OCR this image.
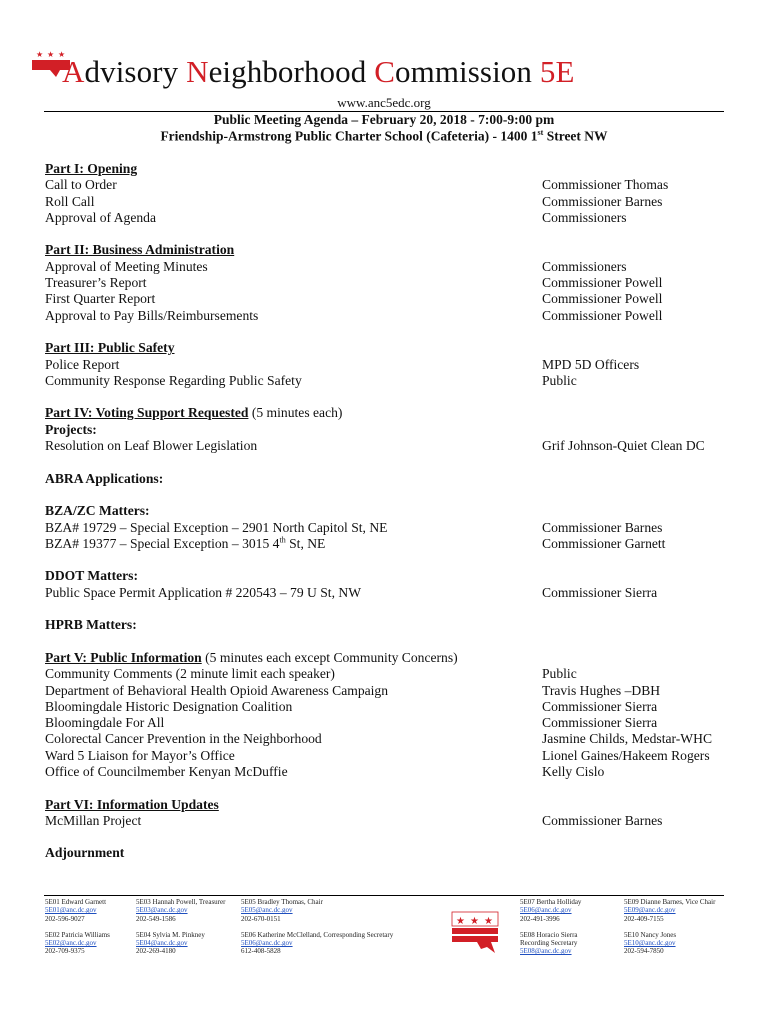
★ ★ ★
Advisory Neighborhood Commission 5E
www.anc5edc.org
Public Meeting Agenda – February 20, 2018 - 7:00-9:00 pm
Friendship-Armstrong Public Charter School (Cafeteria) - 1400 1st Street NW
Part I: Opening
Call to Order	Commissioner Thomas
Roll Call	Commissioner Barnes
Approval of Agenda	Commissioners
Part II: Business Administration
Approval of Meeting Minutes	Commissioners
Treasurer’s Report	Commissioner Powell
First Quarter Report	Commissioner Powell
Approval to Pay Bills/Reimbursements	Commissioner Powell
Part III: Public Safety
Police Report	MPD 5D Officers
Community Response Regarding Public Safety	Public
Part IV: Voting Support Requested (5 minutes each)
Projects:
Resolution on Leaf Blower Legislation	Grif Johnson-Quiet Clean DC
ABRA Applications:
BZA/ZC Matters:
BZA# 19729 – Special Exception – 2901 North Capitol St, NE	Commissioner Barnes
BZA# 19377 – Special Exception – 3015 4th St, NE	Commissioner Garnett
DDOT Matters:
Public Space Permit Application # 220543 – 79 U St, NW	Commissioner Sierra
HPRB Matters:
Part V: Public Information (5 minutes each except Community Concerns)
Community Comments (2 minute limit each speaker)	Public
Department of Behavioral Health Opioid Awareness Campaign	Travis Hughes –DBH
Bloomingdale Historic Designation Coalition	Commissioner Sierra
Bloomingdale For All	Commissioner Sierra
Colorectal Cancer Prevention in the Neighborhood	Jasmine Childs, Medstar-WHC
Ward 5 Liaison for Mayor’s Office	Lionel Gaines/Hakeem Rogers
Office of Councilmember Kenyan McDuffie	Kelly Cislo
Part VI: Information Updates
McMillan Project	Commissioner Barnes
Adjournment
5E01 Edward Garnett
5E01@anc.dc.gov
202-596-9027
5E02 Patricia Williams
5E02@anc.dc.gov
202-709-9375
5E03 Hannah Powell, Treasurer
5E03@anc.dc.gov
202-549-1586
5E04 Sylvia M. Pinkney
5E04@anc.dc.gov
202-269-4180
5E05 Bradley Thomas, Chair
5E05@anc.dc.gov
202-670-0151
5E06 Katherine McClelland, Corresponding Secretary
5E06@anc.dc.gov
612-408-5828
★ ★ ★
5E07 Bertha Holliday
5E06@anc.dc.gov
202-491-3996
5E08 Horacio Sierra
Recording Secretary
5E08@anc.dc.gov
5E09 Dianne Barnes, Vice Chair
5E09@anc.dc.gov
202-409-7155
5E10 Nancy Jones
5E10@anc.dc.gov
202-594-7850
